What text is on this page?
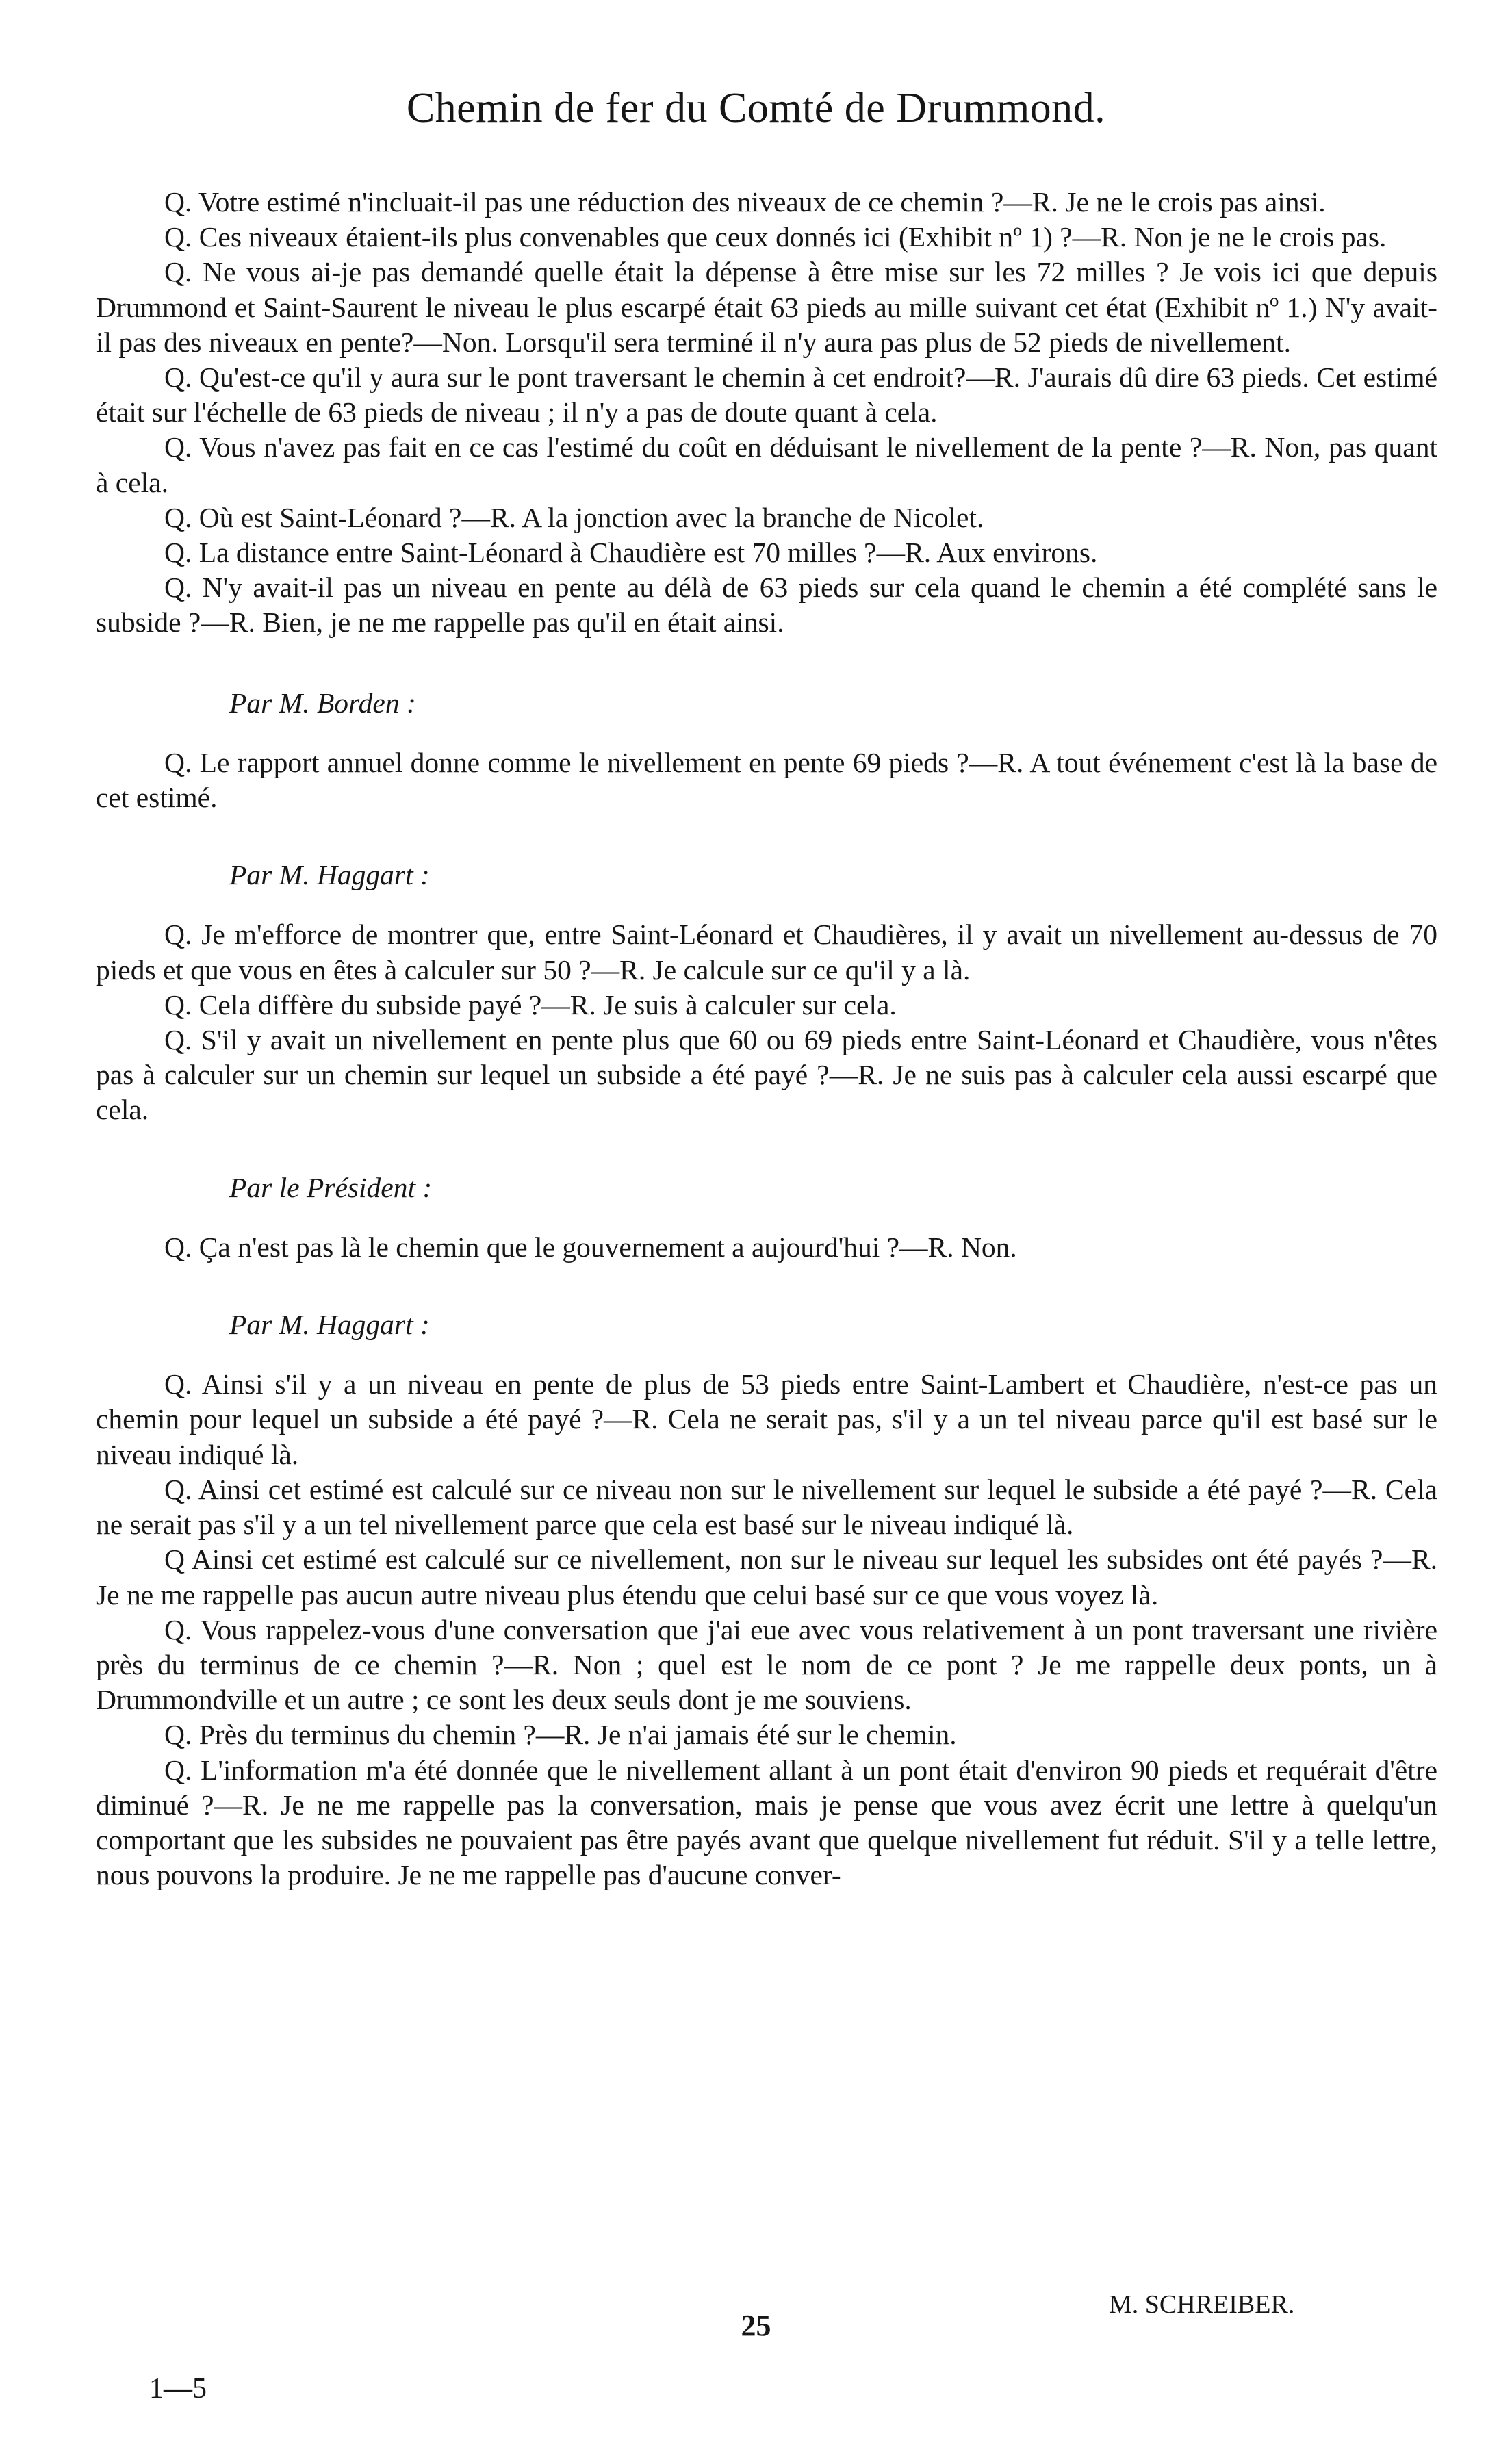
Chemin de fer du Comté de Drummond.

Q. Votre estimé n'incluait-il pas une réduction des niveaux de ce chemin ?—R. Je ne le crois pas ainsi.

Q. Ces niveaux étaient-ils plus convenables que ceux donnés ici (Exhibit nº 1) ?—R. Non je ne le crois pas.

Q. Ne vous ai-je pas demandé quelle était la dépense à être mise sur les 72 milles ? Je vois ici que depuis Drummond et Saint-Saurent le niveau le plus escarpé était 63 pieds au mille suivant cet état (Exhibit nº 1.) N'y avait-il pas des niveaux en pente?—Non. Lorsqu'il sera terminé il n'y aura pas plus de 52 pieds de nivellement.

Q. Qu'est-ce qu'il y aura sur le pont traversant le chemin à cet endroit?—R. J'aurais dû dire 63 pieds. Cet estimé était sur l'échelle de 63 pieds de niveau ; il n'y a pas de doute quant à cela.

Q. Vous n'avez pas fait en ce cas l'estimé du coût en déduisant le nivellement de la pente ?—R. Non, pas quant à cela.

Q. Où est Saint-Léonard ?—R. A la jonction avec la branche de Nicolet.

Q. La distance entre Saint-Léonard à Chaudière est 70 milles ?—R. Aux environs.

Q. N'y avait-il pas un niveau en pente au délà de 63 pieds sur cela quand le chemin a été complété sans le subside ?—R. Bien, je ne me rappelle pas qu'il en était ainsi.

Par M. Borden :

Q. Le rapport annuel donne comme le nivellement en pente 69 pieds ?—R. A tout événement c'est là la base de cet estimé.

Par M. Haggart :

Q. Je m'efforce de montrer que, entre Saint-Léonard et Chaudières, il y avait un nivellement au-dessus de 70 pieds et que vous en êtes à calculer sur 50 ?—R. Je calcule sur ce qu'il y a là.

Q. Cela diffère du subside payé ?—R. Je suis à calculer sur cela.

Q. S'il y avait un nivellement en pente plus que 60 ou 69 pieds entre Saint-Léonard et Chaudière, vous n'êtes pas à calculer sur un chemin sur lequel un subside a été payé ?—R. Je ne suis pas à calculer cela aussi escarpé que cela.

Par le Président :

Q. Ça n'est pas là le chemin que le gouvernement a aujourd'hui ?—R. Non.

Par M. Haggart :

Q. Ainsi s'il y a un niveau en pente de plus de 53 pieds entre Saint-Lambert et Chaudière, n'est-ce pas un chemin pour lequel un subside a été payé ?—R. Cela ne serait pas, s'il y a un tel niveau parce qu'il est basé sur le niveau indiqué là.

Q. Ainsi cet estimé est calculé sur ce niveau non sur le nivellement sur lequel le subside a été payé ?—R. Cela ne serait pas s'il y a un tel nivellement parce que cela est basé sur le niveau indiqué là.

Q Ainsi cet estimé est calculé sur ce nivellement, non sur le niveau sur lequel les subsides ont été payés ?—R. Je ne me rappelle pas aucun autre niveau plus étendu que celui basé sur ce que vous voyez là.

Q. Vous rappelez-vous d'une conversation que j'ai eue avec vous relativement à un pont traversant une rivière près du terminus de ce chemin ?—R. Non ; quel est le nom de ce pont ? Je me rappelle deux ponts, un à Drummondville et un autre ; ce sont les deux seuls dont je me souviens.

Q. Près du terminus du chemin ?—R. Je n'ai jamais été sur le chemin.

Q. L'information m'a été donnée que le nivellement allant à un pont était d'environ 90 pieds et requérait d'être diminué ?—R. Je ne me rappelle pas la conversation, mais je pense que vous avez écrit une lettre à quelqu'un comportant que les subsides ne pouvaient pas être payés avant que quelque nivellement fut réduit. S'il y a telle lettre, nous pouvons la produire. Je ne me rappelle pas d'aucune conver-

M. SCHREIBER.
25
1—5
